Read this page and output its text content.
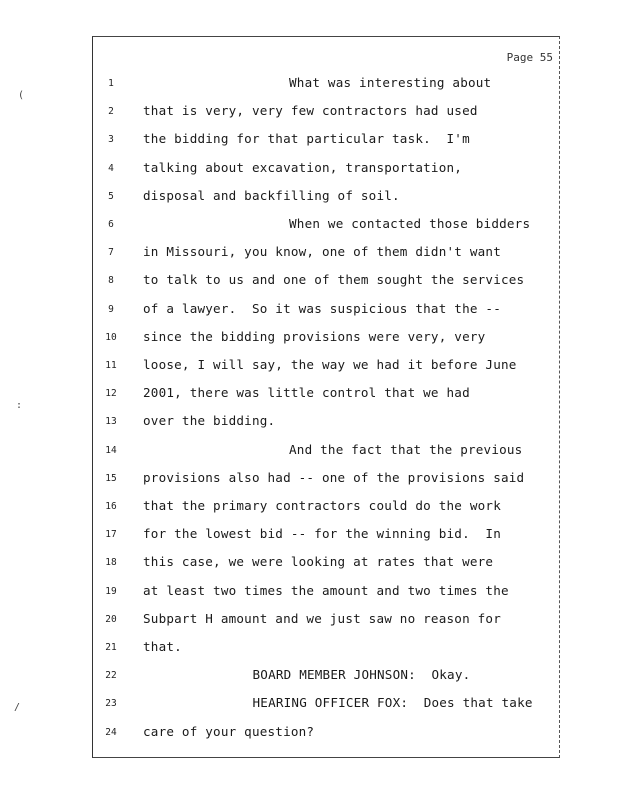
Page 55
1	What was interesting about
2	that is very, very few contractors had used
3	the bidding for that particular task.  I'm
4	talking about excavation, transportation,
5	disposal and backfilling of soil.
6	When we contacted those bidders
7	in Missouri, you know, one of them didn't want
8	to talk to us and one of them sought the services
9	of a lawyer.  So it was suspicious that the --
10	since the bidding provisions were very, very
11	loose, I will say, the way we had it before June
12	2001, there was little control that we had
13	over the bidding.
14	And the fact that the previous
15	provisions also had -- one of the provisions said
16	that the primary contractors could do the work
17	for the lowest bid -- for the winning bid.  In
18	this case, we were looking at rates that were
19	at least two times the amount and two times the
20	Subpart H amount and we just saw no reason for
21	that.
22	BOARD MEMBER JOHNSON:  Okay.
23	HEARING OFFICER FOX:  Does that take
24	care of your question?
(
:
/
